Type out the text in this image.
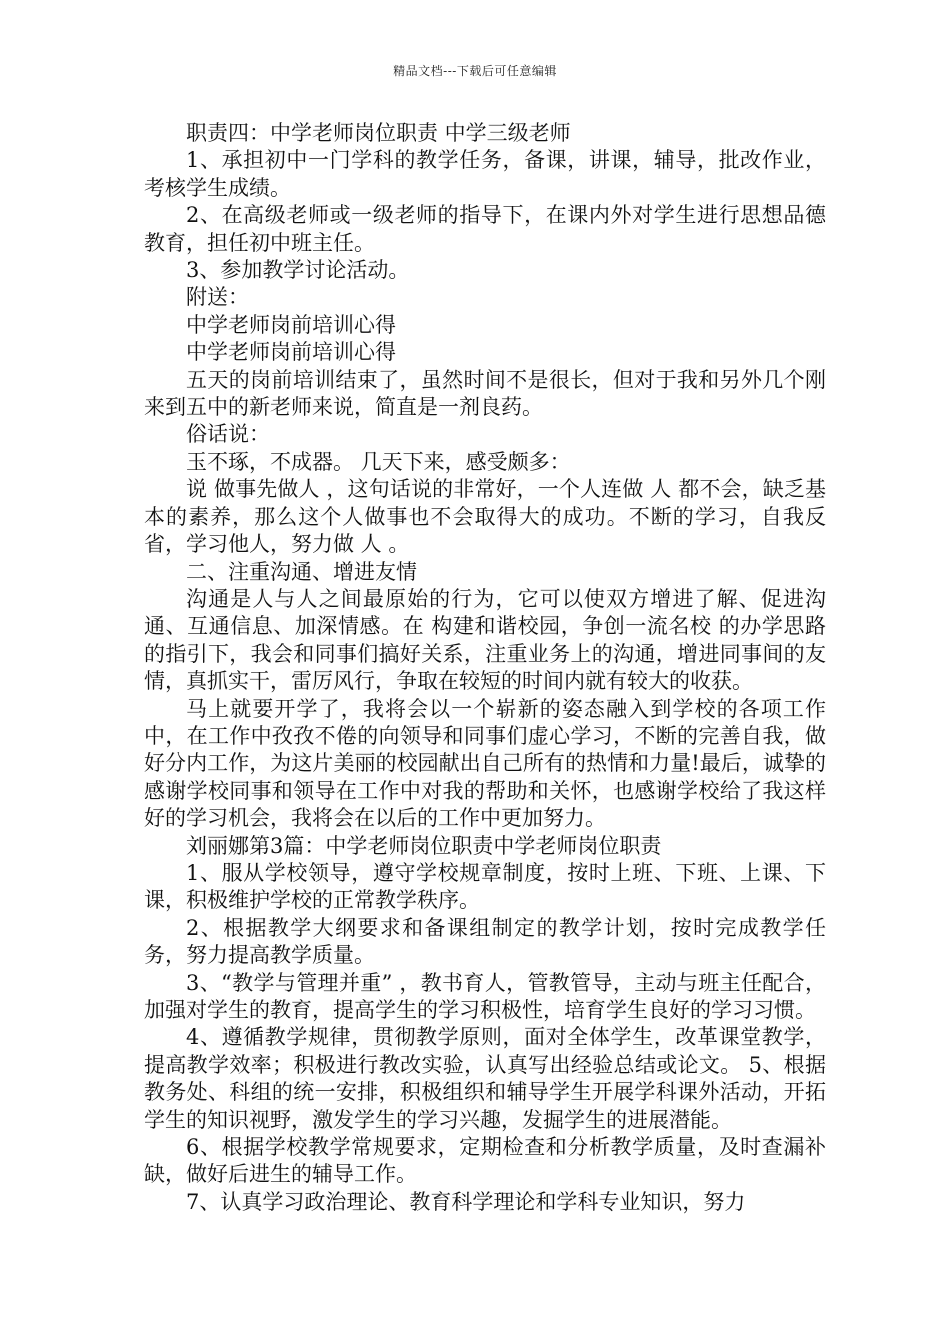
精品文档---下载后可任意编辑

职责四：中学老师岗位职责 中学三级老师

1、承担初中一门学科的教学任务，备课，讲课，辅导，批改作业，考核学生成绩。

2、在高级老师或一级老师的指导下，在课内外对学生进行思想品德教育，担任初中班主任。

3、参加教学讨论活动。

附送：

中学老师岗前培训心得

中学老师岗前培训心得

五天的岗前培训结束了，虽然时间不是很长，但对于我和另外几个刚来到五中的新老师来说，简直是一剂良药。

俗话说：

玉不琢，不成器。 几天下来，感受颇多：

说 做事先做人 ，这句话说的非常好，一个人连做 人 都不会，缺乏基本的素养，那么这个人做事也不会取得大的成功。不断的学习，自我反省，学习他人，努力做 人 。

二、注重沟通、增进友情

沟通是人与人之间最原始的行为，它可以使双方增进了解、促进沟通、互通信息、加深情感。在 构建和谐校园，争创一流名校 的办学思路的指引下，我会和同事们搞好关系，注重业务上的沟通，增进同事间的友情，真抓实干，雷厉风行，争取在较短的时间内就有较大的收获。

马上就要开学了，我将会以一个崭新的姿态融入到学校的各项工作中，在工作中孜孜不倦的向领导和同事们虚心学习，不断的完善自我，做好分内工作，为这片美丽的校园献出自己所有的热情和力量!最后，诚挚的感谢学校同事和领导在工作中对我的帮助和关怀，也感谢学校给了我这样好的学习机会，我将会在以后的工作中更加努力。

刘丽娜第3篇：中学老师岗位职责中学老师岗位职责

1、服从学校领导，遵守学校规章制度，按时上班、下班、上课、下课，积极维护学校的正常教学秩序。

2、根据教学大纲要求和备课组制定的教学计划，按时完成教学任务，努力提高教学质量。

3、“教学与管理并重” ，教书育人，管教管导，主动与班主任配合，加强对学生的教育，提高学生的学习积极性，培育学生良好的学习习惯。

4、遵循教学规律，贯彻教学原则，面对全体学生，改革课堂教学，提高教学效率；积极进行教改实验，认真写出经验总结或论文。 5、根据教务处、科组的统一安排，积极组织和辅导学生开展学科课外活动，开拓学生的知识视野，激发学生的学习兴趣，发掘学生的进展潜能。

6、根据学校教学常规要求，定期检查和分析教学质量，及时查漏补缺，做好后进生的辅导工作。

7、认真学习政治理论、教育科学理论和学科专业知识，努力
